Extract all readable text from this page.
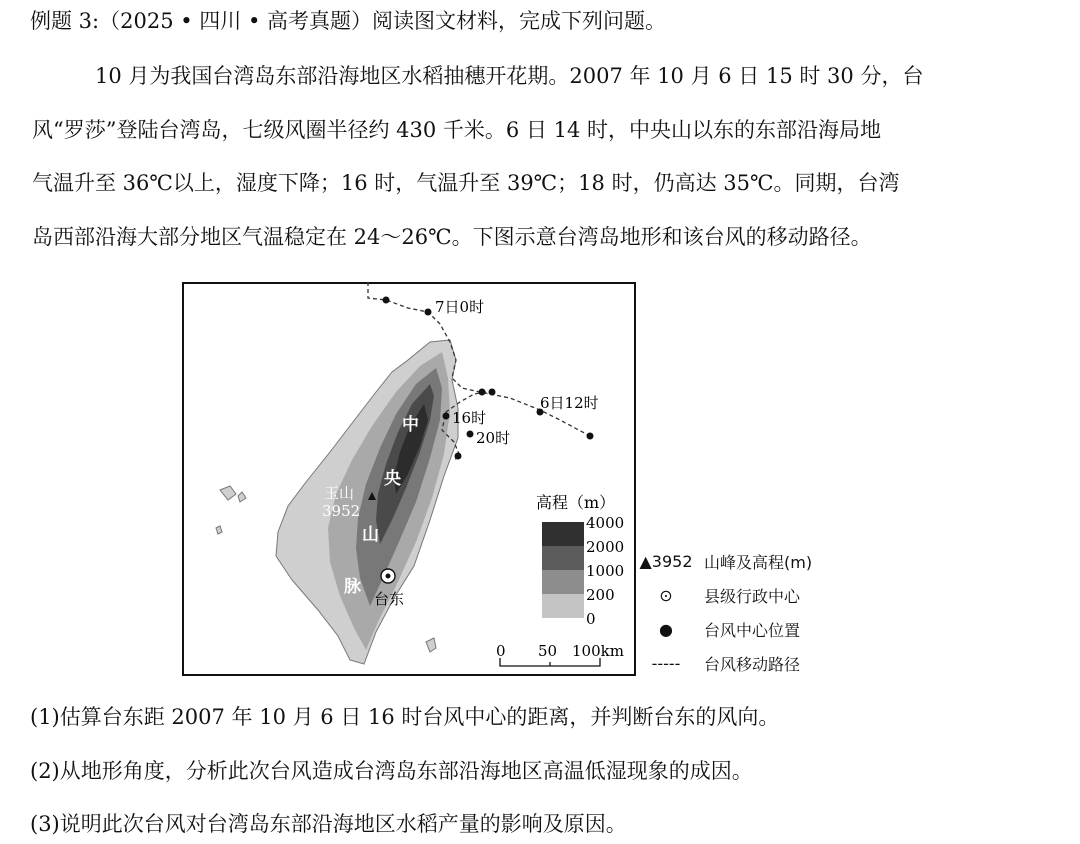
例题 3:（2025 • 四川 • 高考真题）阅读图文材料，完成下列问题。
10 月为我国台湾岛东部沿海地区水稻抽穗开花期。2007 年 10 月 6 日 15 时 30 分，台
风“罗莎”登陆台湾岛，七级风圈半径约 430 千米。6 日 14 时，中央山以东的东部沿海局地
气温升至 36℃以上，湿度下降；16 时，气温升至 39℃；18 时，仍高达 35℃。同期，台湾
岛西部沿海大部分地区气温稳定在 24～26℃。下图示意台湾岛地形和该台风的移动路径。
7日0时
6日12时
16时
20时
中
央
山
脉
玉山
3952
台东
高程（m）
4000
2000
1000
200
0
0 50 100km
▲3952 山峰及高程(m)
⊙	县级行政中心
●	台风中心位置
-----	台风移动路径
(1)估算台东距 2007 年 10 月 6 日 16 时台风中心的距离，并判断台东的风向。
(2)从地形角度，分析此次台风造成台湾岛东部沿海地区高温低湿现象的成因。
(3)说明此次台风对台湾岛东部沿海地区水稻产量的影响及原因。
